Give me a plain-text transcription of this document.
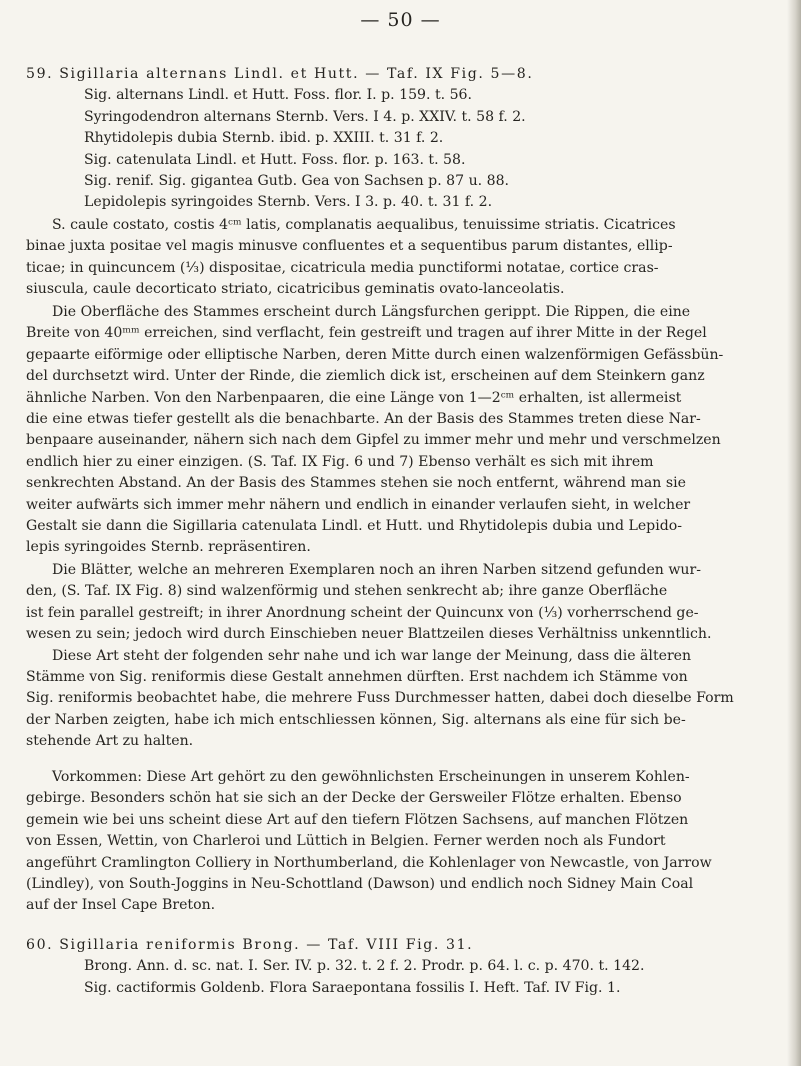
— 50 —
59. Sigillaria alternans Lindl. et Hutt. — Taf. IX Fig. 5—8.
Sig. alternans Lindl. et Hutt. Foss. flor. I. p. 159. t. 56.
Syringodendron alternans Sternb. Vers. I 4. p. XXIV. t. 58 f. 2.
Rhytidolepis dubia Sternb. ibid. p. XXIII. t. 31 f. 2.
Sig. catenulata Lindl. et Hutt. Foss. flor. p. 163. t. 58.
Sig. renif. Sig. gigantea Gutb. Gea von Sachsen p. 87 u. 88.
Lepidolepis syringoides Sternb. Vers. I 3. p. 40. t. 31 f. 2.
S. caule costato, costis 4ᶜᵐ latis, complanatis aequalibus, tenuissime striatis. Cicatrices
binae juxta positae vel magis minusve confluentes et a sequentibus parum distantes, ellip-
ticae; in quincuncem (⅓) dispositae, cicatricula media punctiformi notatae, cortice cras-
siuscula, caule decorticato striato, cicatricibus geminatis ovato-lanceolatis.
Die Oberfläche des Stammes erscheint durch Längsfurchen gerippt. Die Rippen, die eine
Breite von 40ᵐᵐ erreichen, sind verflacht, fein gestreift und tragen auf ihrer Mitte in der Regel
gepaarte eiförmige oder elliptische Narben, deren Mitte durch einen walzenförmigen Gefässbün-
del durchsetzt wird. Unter der Rinde, die ziemlich dick ist, erscheinen auf dem Steinkern ganz
ähnliche Narben. Von den Narbenpaaren, die eine Länge von 1—2ᶜᵐ erhalten, ist allermeist
die eine etwas tiefer gestellt als die benachbarte. An der Basis des Stammes treten diese Nar-
benpaare auseinander, nähern sich nach dem Gipfel zu immer mehr und mehr und verschmelzen
endlich hier zu einer einzigen. (S. Taf. IX Fig. 6 und 7) Ebenso verhält es sich mit ihrem
senkrechten Abstand. An der Basis des Stammes stehen sie noch entfernt, während man sie
weiter aufwärts sich immer mehr nähern und endlich in einander verlaufen sieht, in welcher
Gestalt sie dann die Sigillaria catenulata Lindl. et Hutt. und Rhytidolepis dubia und Lepido-
lepis syringoides Sternb. repräsentiren.
Die Blätter, welche an mehreren Exemplaren noch an ihren Narben sitzend gefunden wur-
den, (S. Taf. IX Fig. 8) sind walzenförmig und stehen senkrecht ab; ihre ganze Oberfläche
ist fein parallel gestreift; in ihrer Anordnung scheint der Quincunx von (⅓) vorherrschend ge-
wesen zu sein; jedoch wird durch Einschieben neuer Blattzeilen dieses Verhältniss unkenntlich.
Diese Art steht der folgenden sehr nahe und ich war lange der Meinung, dass die älteren
Stämme von Sig. reniformis diese Gestalt annehmen dürften. Erst nachdem ich Stämme von
Sig. reniformis beobachtet habe, die mehrere Fuss Durchmesser hatten, dabei doch dieselbe Form
der Narben zeigten, habe ich mich entschliessen können, Sig. alternans als eine für sich be-
stehende Art zu halten.
Vorkommen: Diese Art gehört zu den gewöhnlichsten Erscheinungen in unserem Kohlen-
gebirge. Besonders schön hat sie sich an der Decke der Gersweiler Flötze erhalten. Ebenso
gemein wie bei uns scheint diese Art auf den tiefern Flötzen Sachsens, auf manchen Flötzen
von Essen, Wettin, von Charleroi und Lüttich in Belgien. Ferner werden noch als Fundort
angeführt Cramlington Colliery in Northumberland, die Kohlenlager von Newcastle, von Jarrow
(Lindley), von South-Joggins in Neu-Schottland (Dawson) und endlich noch Sidney Main Coal
auf der Insel Cape Breton.
60. Sigillaria reniformis Brong. — Taf. VIII Fig. 31.
Brong. Ann. d. sc. nat. I. Ser. IV. p. 32. t. 2 f. 2. Prodr. p. 64. l. c. p. 470. t. 142.
Sig. cactiformis Goldenb. Flora Saraepontana fossilis I. Heft. Taf. IV Fig. 1.
